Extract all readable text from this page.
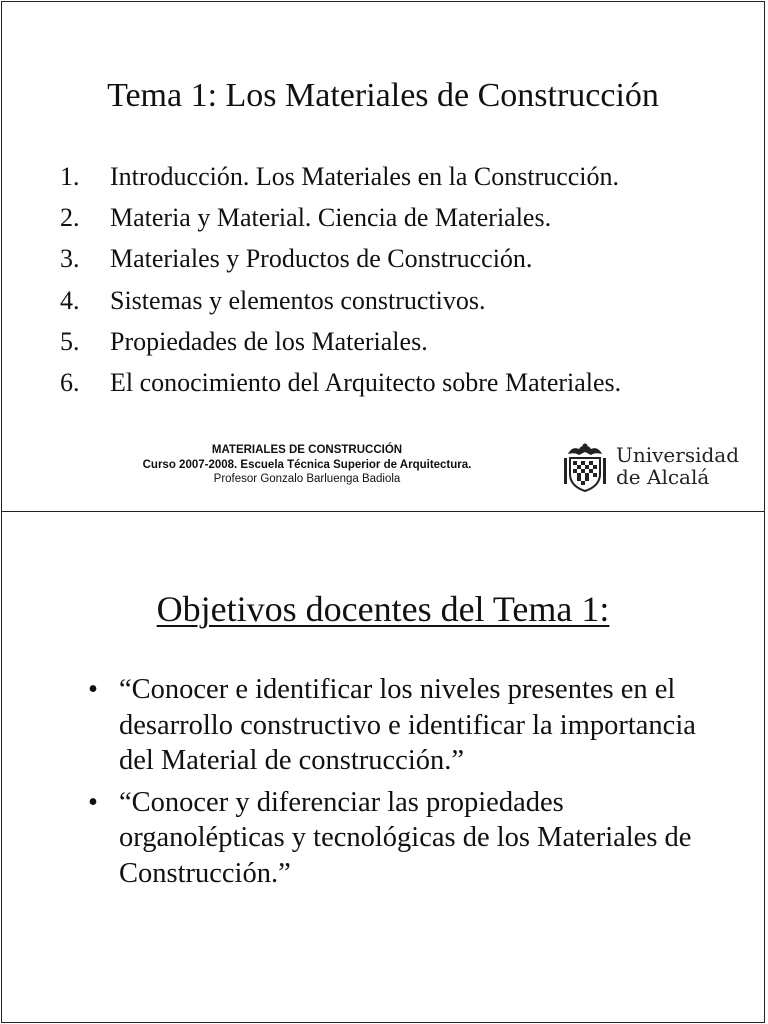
Tema 1: Los Materiales de Construcción
1.	Introducción. Los Materiales en la Construcción.
2.	Materia y Material. Ciencia de Materiales.
3.	Materiales y Productos de Construcción.
4.	Sistemas y elementos constructivos.
5.	Propiedades de los Materiales.
6.	El conocimiento del Arquitecto sobre Materiales.
MATERIALES DE CONSTRUCCIÓN
Curso 2007-2008. Escuela Técnica Superior de Arquitectura.
Profesor Gonzalo Barluenga Badiola
Universidad
de Alcalá
Objetivos docentes del Tema 1:
• “Conocer e identificar los niveles presentes en el desarrollo constructivo e identificar la importancia del Material de construcción.”
• “Conocer y diferenciar las propiedades organolépticas y tecnológicas de los Materiales de Construcción.”
